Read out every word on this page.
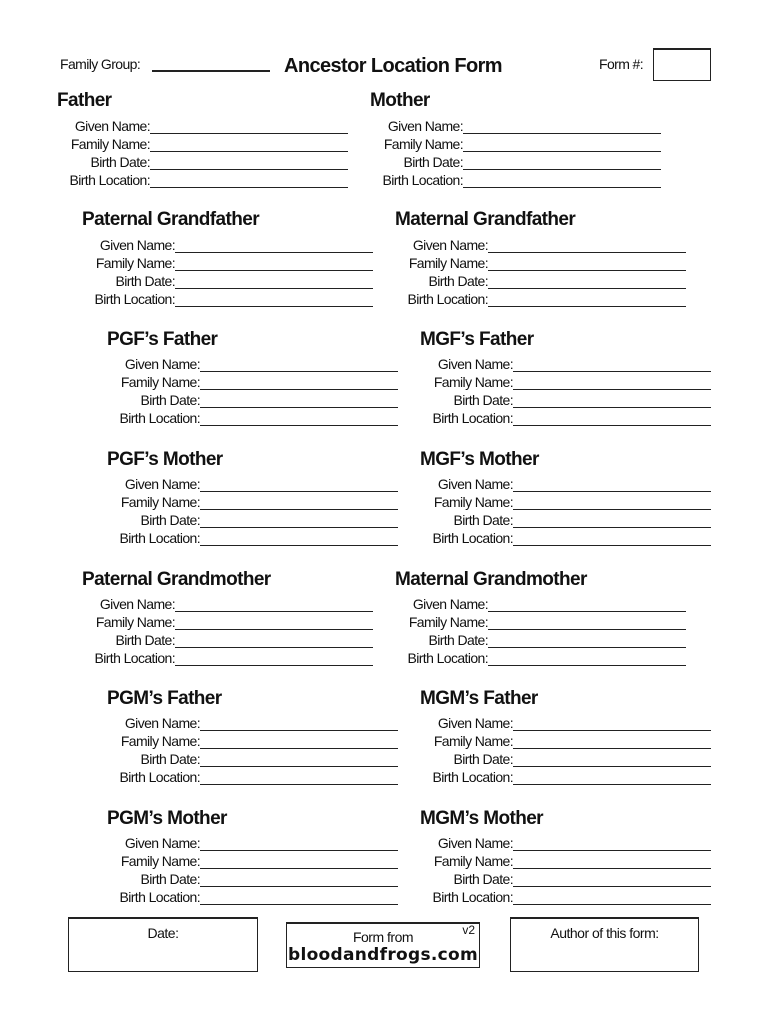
Family Group:	Ancestor Location Form	Form #:
Father
Given Name:
Family Name:
Birth Date:
Birth Location:
Mother
Given Name:
Family Name:
Birth Date:
Birth Location:
Paternal Grandfather
Given Name:
Family Name:
Birth Date:
Birth Location:
Maternal Grandfather
Given Name:
Family Name:
Birth Date:
Birth Location:
PGF’s Father
Given Name:
Family Name:
Birth Date:
Birth Location:
MGF’s Father
Given Name:
Family Name:
Birth Date:
Birth Location:
PGF’s Mother
Given Name:
Family Name:
Birth Date:
Birth Location:
MGF’s Mother
Given Name:
Family Name:
Birth Date:
Birth Location:
Paternal Grandmother
Given Name:
Family Name:
Birth Date:
Birth Location:
Maternal Grandmother
Given Name:
Family Name:
Birth Date:
Birth Location:
PGM’s Father
Given Name:
Family Name:
Birth Date:
Birth Location:
MGM’s Father
Given Name:
Family Name:
Birth Date:
Birth Location:
PGM’s Mother
Given Name:
Family Name:
Birth Date:
Birth Location:
MGM’s Mother
Given Name:
Family Name:
Birth Date:
Birth Location:
Date:	Form from	v2
bloodandfrogs.com
Author of this form:
